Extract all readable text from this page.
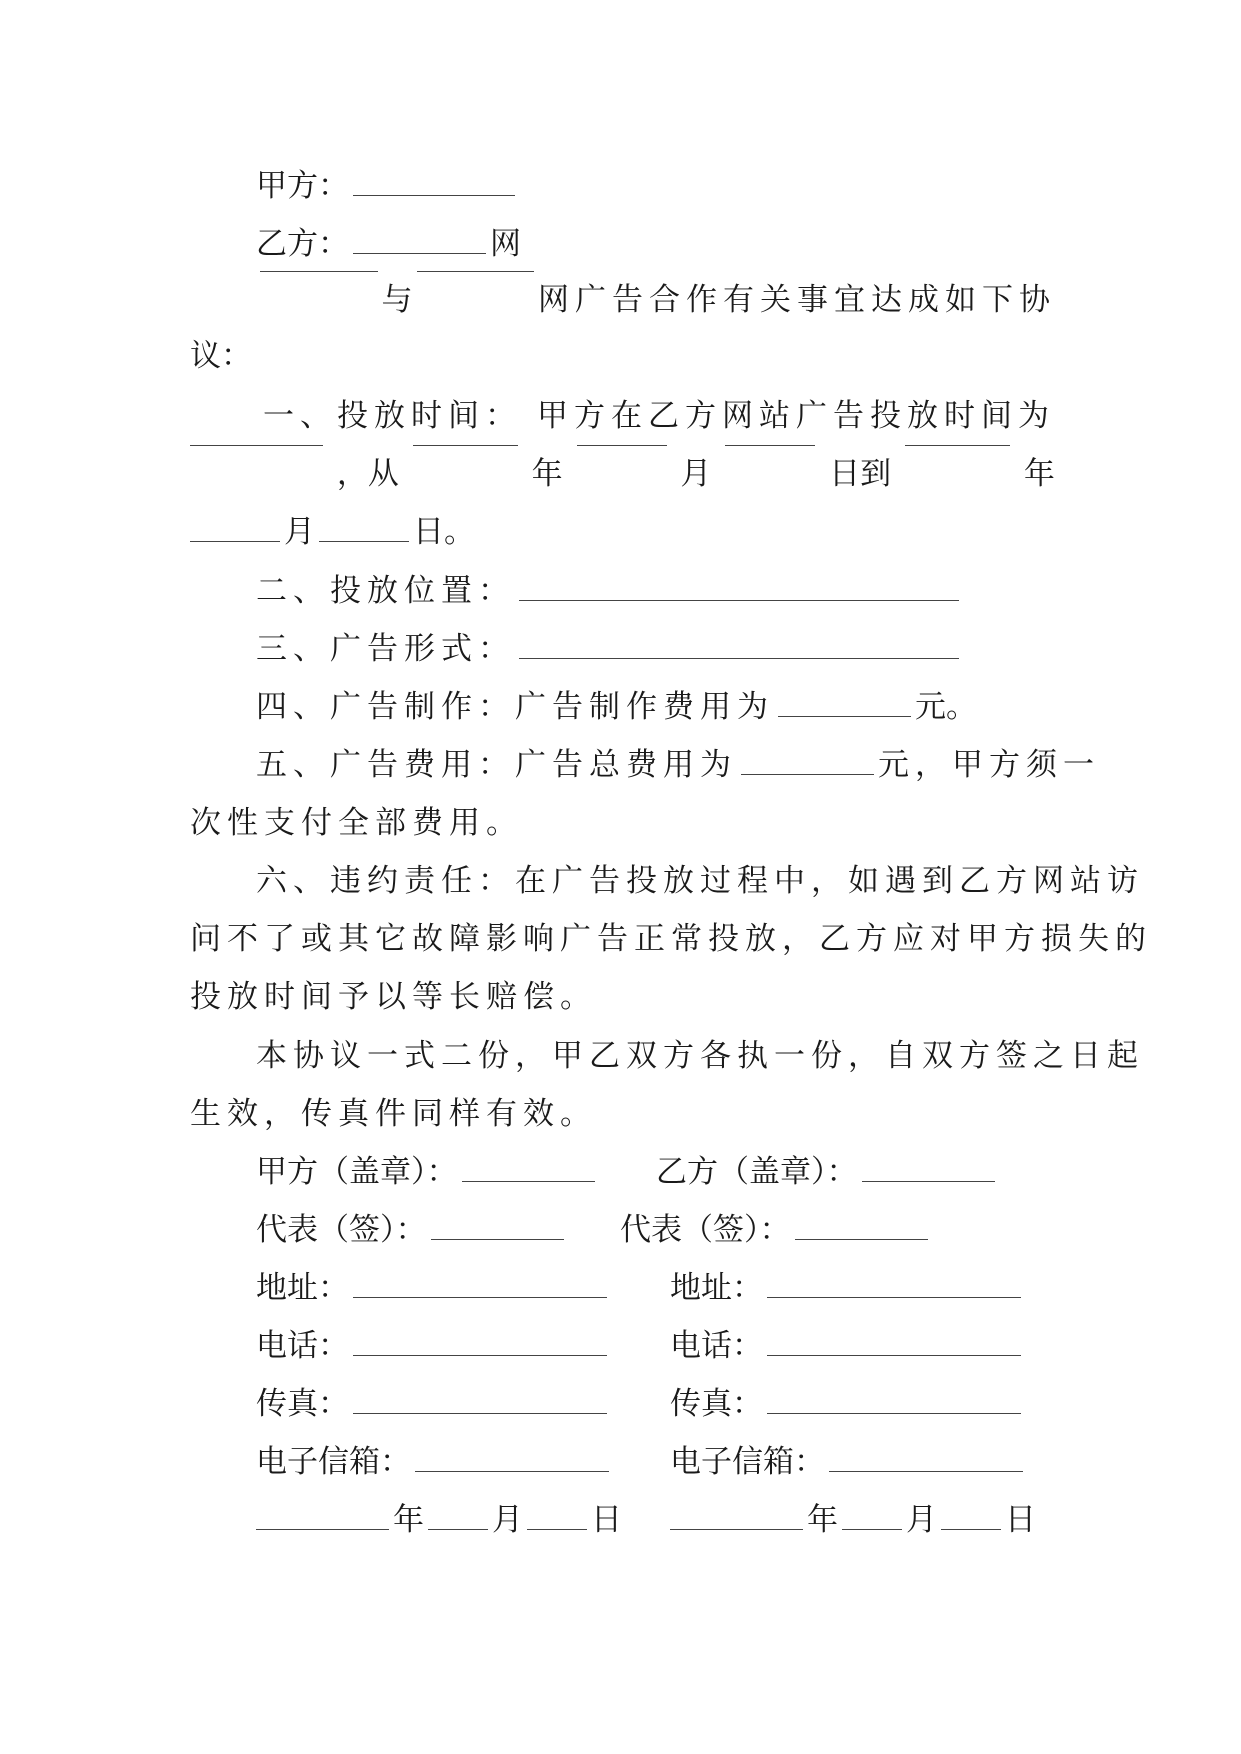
甲方：
乙方：	网
与	网广告合作有关事宜达成如下协
议：
一、投放时间： 甲方在乙方网站广告投放时间为
，从	年	月	日到	年
月	日。
二、投放位置：
三、广告形式：
四、广告制作：广告制作费用为	元。
五、广告费用：广告总费用为	元，甲方须一
次性支付全部费用。
六、违约责任：在广告投放过程中，如遇到乙方网站访
问不了或其它故障影响广告正常投放，乙方应对甲方损失的
投放时间予以等长赔偿。
本协议一式二份，甲乙双方各执一份，自双方签之日起
生效，传真件同样有效。
甲方（盖章）：	乙方（盖章）：
代表（签）：	代表（签）：
地址：	地址：
电话：	电话：
传真：	传真：
电子信箱：	电子信箱：
年 月 日	年 月 日
